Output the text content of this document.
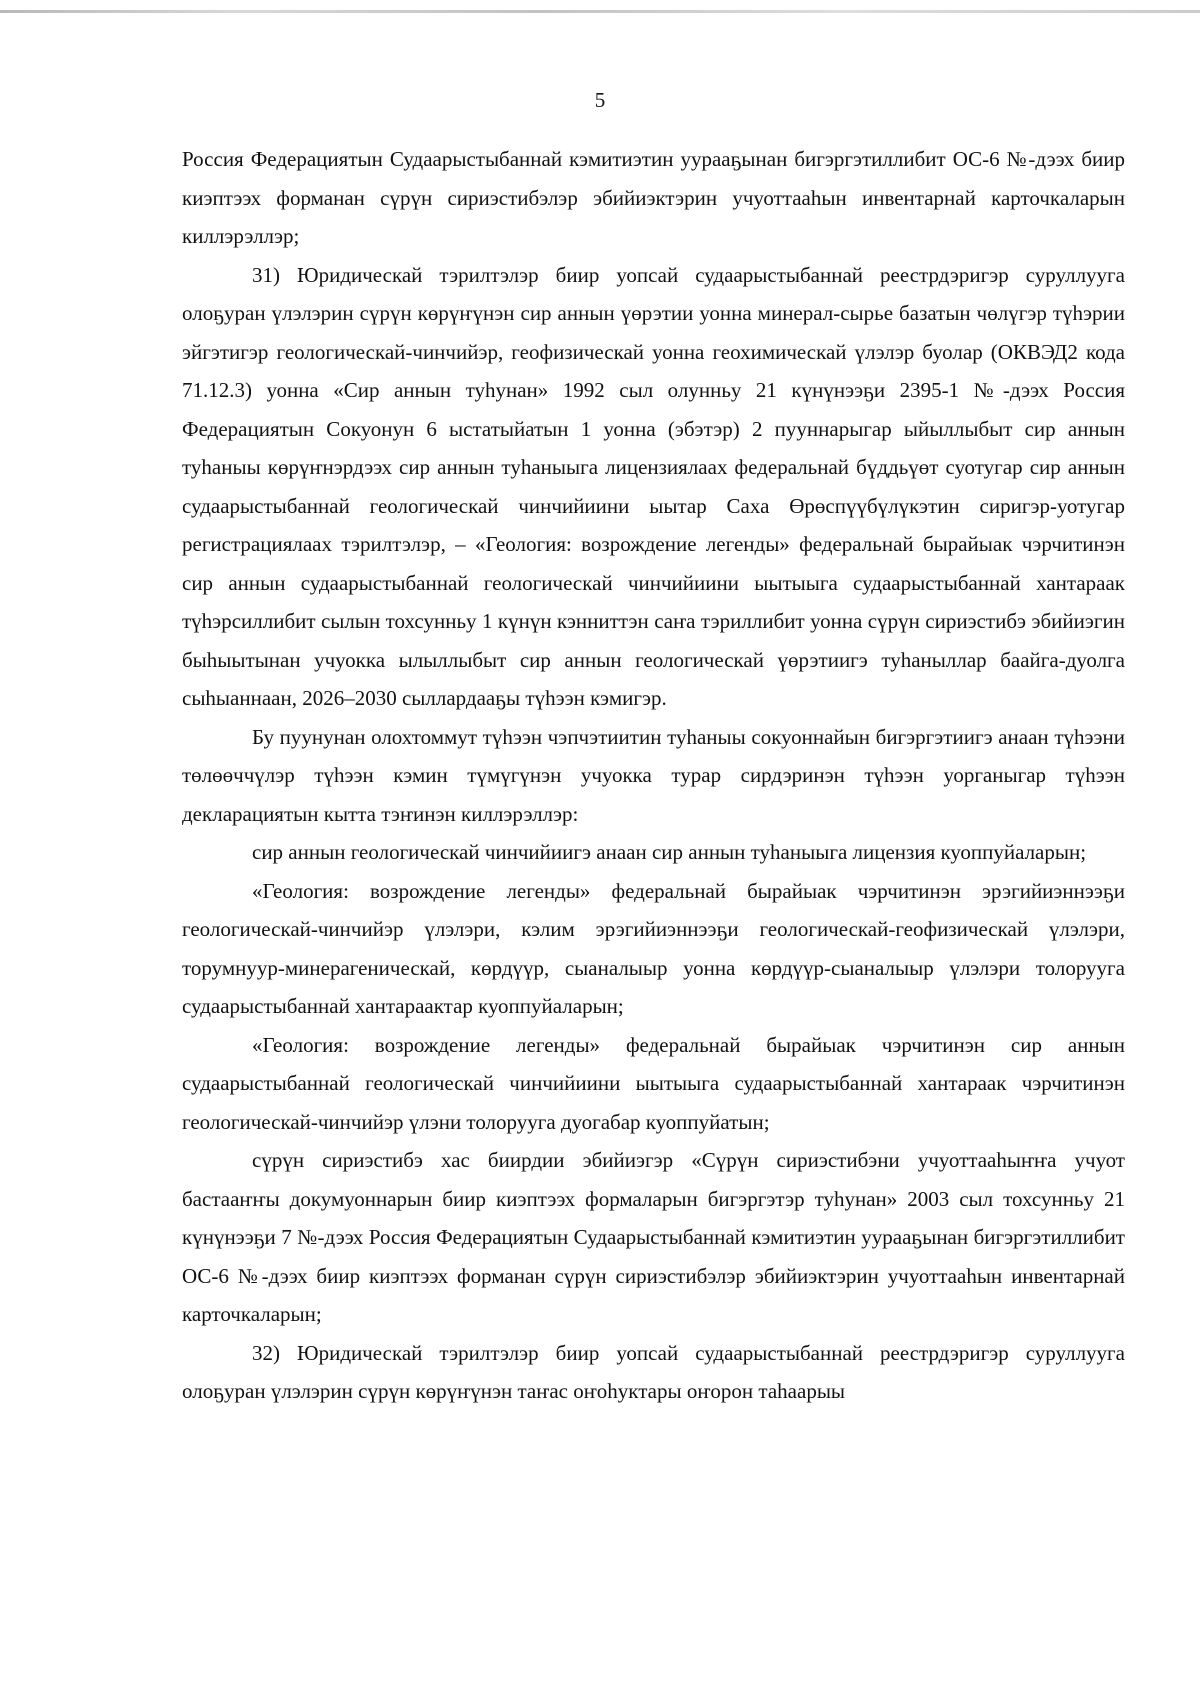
5

Россия Федерациятын Судаарыстыбаннай кэмитиэтин уурааҕынан бигэргэтиллибит ОС-6 №-дээх биир киэптээх форманан сүрүн сириэстибэлэр эбийиэктэрин учуоттааһын инвентарнай карточкаларын киллэрэллэр;

31) Юридическай тэрилтэлэр биир уопсай судаарыстыбаннай реестрдэригэр суруллууга олоҕуран үлэлэрин сүрүн көрүҥүнэн сир аннын үөрэтии уонна минерал-сырье базатын чөлүгэр түһэрии эйгэтигэр геологическай-чинчийэр, геофизическай уонна геохимическай үлэлэр буолар (ОКВЭД2 кода 71.12.3) уонна «Сир аннын туһунан» 1992 сыл олунньу 21 күнүнээҕи 2395-1 №-дээх Россия Федерациятын Сокуонун 6 ыстатыйатын 1 уонна (эбэтэр) 2 пууннарыгар ыйыллыбыт сир аннын туһаныы көрүҥнэрдээх сир аннын туһаныыга лицензиялаах федеральнай бүддьүөт суотугар сир аннын судаарыстыбаннай геологическай чинчийиини ыытар Саха Өрөспүүбүлүкэтин сиригэр-уотугар регистрациялаах тэрилтэлэр, – «Геология: возрождение легенды» федеральнай бырайыак чэрчитинэн сир аннын судаарыстыбаннай геологическай чинчийиини ыытыыга судаарыстыбаннай хантараак түһэрсиллибит сылын тохсунньу 1 күнүн кэнниттэн саҥа тэриллибит уонна сүрүн сириэстибэ эбийиэгин быһыытынан учуокка ылыллыбыт сир аннын геологическай үөрэтиигэ туһаныллар баайга-дуолга сыһыаннаан, 2026–2030 сыллардааҕы түһээн кэмигэр.

Бу пуунунан олохтоммут түһээн чэпчэтиитин туһаныы сокуоннайын бигэргэтиигэ анаан түһээни төлөөччүлэр түһээн кэмин түмүгүнэн учуокка турар сирдэринэн түһээн уорганыгар түһээн декларациятын кытта тэҥинэн киллэрэллэр:

сир аннын геологическай чинчийиигэ анаан сир аннын туһаныыга лицензия куоппуйаларын;

«Геология: возрождение легенды» федеральнай бырайыак чэрчитинэн эрэгийиэннээҕи геологическай-чинчийэр үлэлэри, кэлим эрэгийиэннээҕи геологическай-геофизическай үлэлэри, торумнуур-минерагеническай, көрдүүр, сыаналыыр уонна көрдүүр-сыаналыыр үлэлэри толорууга судаарыстыбаннай хантараактар куоппуйаларын;

«Геология: возрождение легенды» федеральнай бырайыак чэрчитинэн сир аннын судаарыстыбаннай геологическай чинчийиини ыытыыга судаарыстыбаннай хантараак чэрчитинэн геологическай-чинчийэр үлэни толорууга дуогабар куоппуйатын;

сүрүн сириэстибэ хас биирдии эбийиэгэр «Сүрүн сириэстибэни учуоттааһыҥҥа учуот бастааҥҥы докумуоннарын биир киэптээх формаларын бигэргэтэр туһунан» 2003 сыл тохсунньу 21 күнүнээҕи 7 №-дээх Россия Федерациятын Судаарыстыбаннай кэмитиэтин уурааҕынан бигэргэтиллибит ОС-6 №-дээх биир киэптээх форманан сүрүн сириэстибэлэр эбийиэктэрин учуоттааһын инвентарнай карточкаларын;

32) Юридическай тэрилтэлэр биир уопсай судаарыстыбаннай реестрдэригэр суруллууга олоҕуран үлэлэрин сүрүн көрүҥүнэн таҥас оҥоһуктары оҥорон таһаарыы
